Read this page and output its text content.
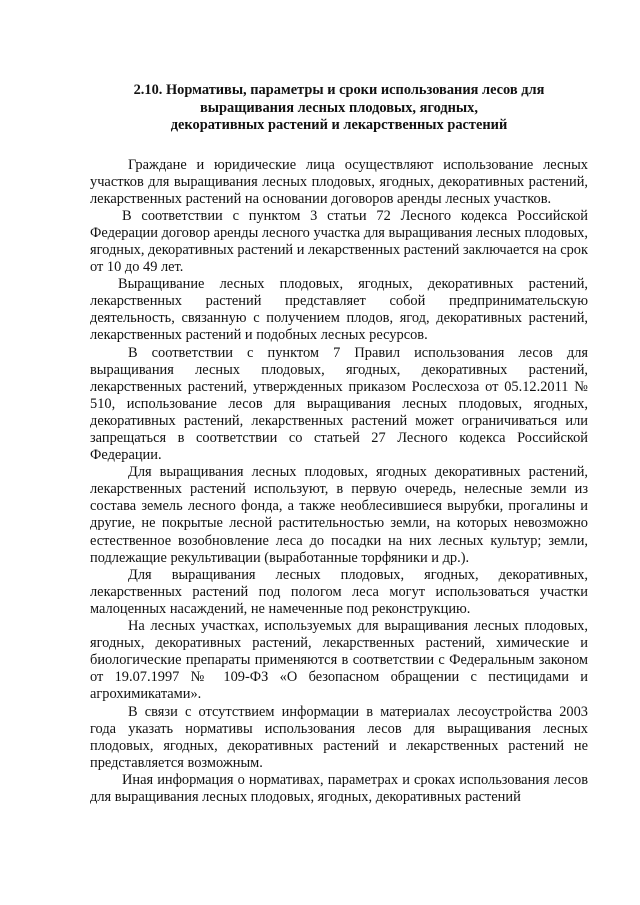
2.10. Нормативы, параметры и сроки использования лесов для
выращивания лесных плодовых, ягодных,
декоративных растений и лекарственных растений

Граждане и юридические лица осуществляют использование лесных участков для выращивания лесных плодовых, ягодных, декоративных растений, лекарственных растений на основании договоров аренды лесных участков.

В соответствии с пунктом 3 статьи 72 Лесного кодекса Российской Федерации договор аренды лесного участка для выращивания лесных плодовых, ягодных, декоративных растений и лекарственных растений заключается на срок от 10 до 49 лет.

Выращивание лесных плодовых, ягодных, декоративных растений, лекарственных растений представляет собой предпринимательскую деятельность, связанную с получением плодов, ягод, декоративных растений, лекарственных растений и подобных лесных ресурсов.

В соответствии с пунктом 7 Правил использования лесов для выращивания лесных плодовых, ягодных, декоративных растений, лекарственных растений, утвержденных приказом Рослесхоза от 05.12.2011 № 510, использование лесов для выращивания лесных плодовых, ягодных, декоративных растений, лекарственных растений может ограничиваться или запрещаться в соответствии со статьей 27 Лесного кодекса Российской Федерации.

Для выращивания лесных плодовых, ягодных декоративных растений, лекарственных растений используют, в первую очередь, нелесные земли из состава земель лесного фонда, а также необлесившиеся вырубки, прогалины и другие, не покрытые лесной растительностью земли, на которых невозможно естественное возобновление леса до посадки на них лесных культур; земли, подлежащие рекультивации (выработанные торфяники и др.).

Для выращивания лесных плодовых, ягодных, декоративных, лекарственных растений под пологом леса могут использоваться участки малоценных насаждений, не намеченные под реконструкцию.

На лесных участках, используемых для выращивания лесных плодовых, ягодных, декоративных растений, лекарственных растений, химические и биологические препараты применяются в соответствии с Федеральным законом от 19.07.1997 № 109-ФЗ «О безопасном обращении с пестицидами и агрохимикатами».

В связи с отсутствием информации в материалах лесоустройства 2003 года указать нормативы использования лесов для выращивания лесных плодовых, ягодных, декоративных растений и лекарственных растений не представляется возможным.

Иная информация о нормативах, параметрах и сроках использования лесов для выращивания лесных плодовых, ягодных, декоративных растений
